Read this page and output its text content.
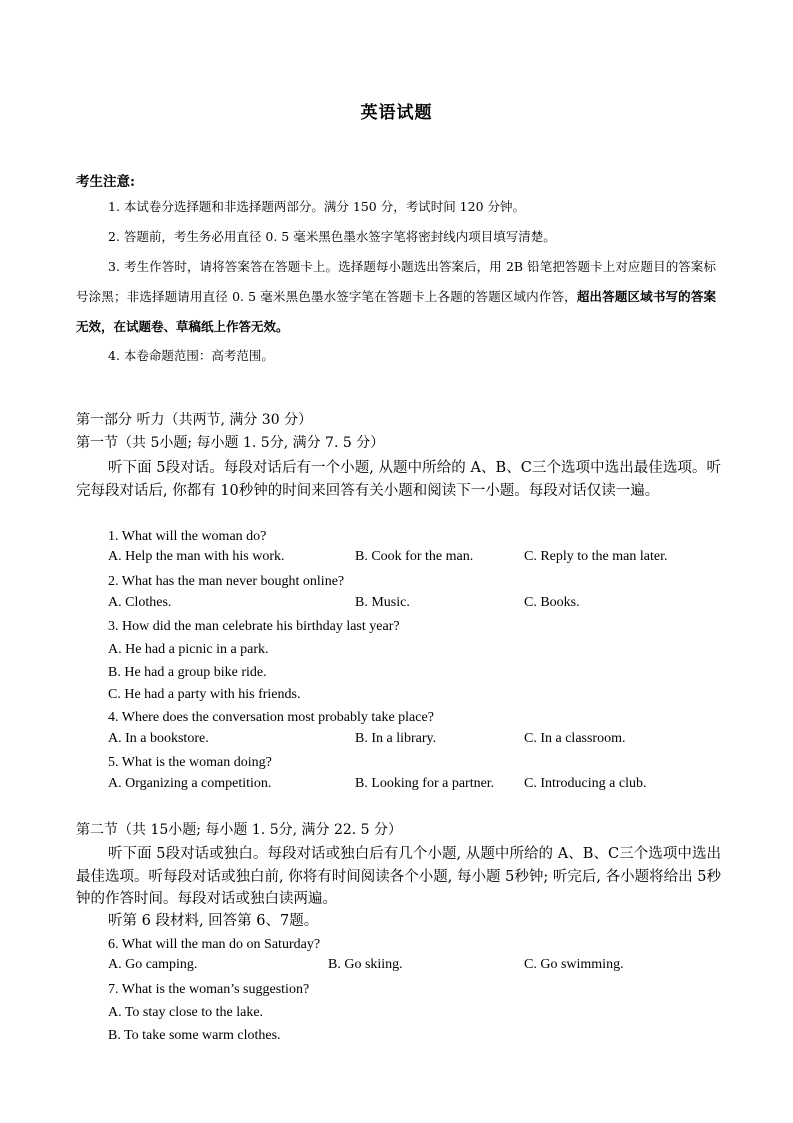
英语试题
考生注意:
1. 本试卷分选择题和非选择题两部分。满分 150 分，考试时间 120 分钟。
2. 答题前，考生务必用直径 0. 5 毫米黑色墨水签字笔将密封线内项目填写清楚。
3. 考生作答时，请将答案答在答题卡上。选择题每小题选出答案后，用 2B 铅笔把答题卡上对应题目的答案标号涂黑；非选择题请用直径 0. 5 毫米黑色墨水签字笔在答题卡上各题的答题区域内作答，超出答题区域书写的答案无效，在试题卷、草稿纸上作答无效。
4. 本卷命题范围：高考范围。
第一部分 听力（共两节, 满分 30 分）
第一节（共 5小题; 每小题 1. 5分, 满分 7. 5 分）
听下面 5段对话。每段对话后有一个小题, 从题中所给的 A、B、C三个选项中选出最佳选项。听完每段对话后, 你都有 10秒钟的时间来回答有关小题和阅读下一小题。每段对话仅读一遍。
1. What will the woman do?
A. Help the man with his work.	B. Cook for the man.	C. Reply to the man later.
2. What has the man never bought online?
A. Clothes.	B. Music.	C. Books.
3. How did the man celebrate his birthday last year?
A. He had a picnic in a park.
B. He had a group bike ride.
C. He had a party with his friends.
4. Where does the conversation most probably take place?
A. In a bookstore.	B. In a library.	C. In a classroom.
5. What is the woman doing?
A. Organizing a competition.	B. Looking for a partner. C. Introducing a club.
第二节（共 15小题; 每小题 1. 5分, 满分 22. 5 分）
听下面 5段对话或独白。每段对话或独白后有几个小题, 从题中所给的 A、B、C三个选项中选出最佳选项。听每段对话或独白前, 你将有时间阅读各个小题, 每小题 5秒钟; 听完后, 各小题将给出 5秒钟的作答时间。每段对话或独白读两遍。
听第 6 段材料, 回答第 6、7题。
6. What will the man do on Saturday?
A. Go camping.	B. Go skiing.	C. Go swimming.
7. What is the woman’s suggestion?
A. To stay close to the lake.
B. To take some warm clothes.
